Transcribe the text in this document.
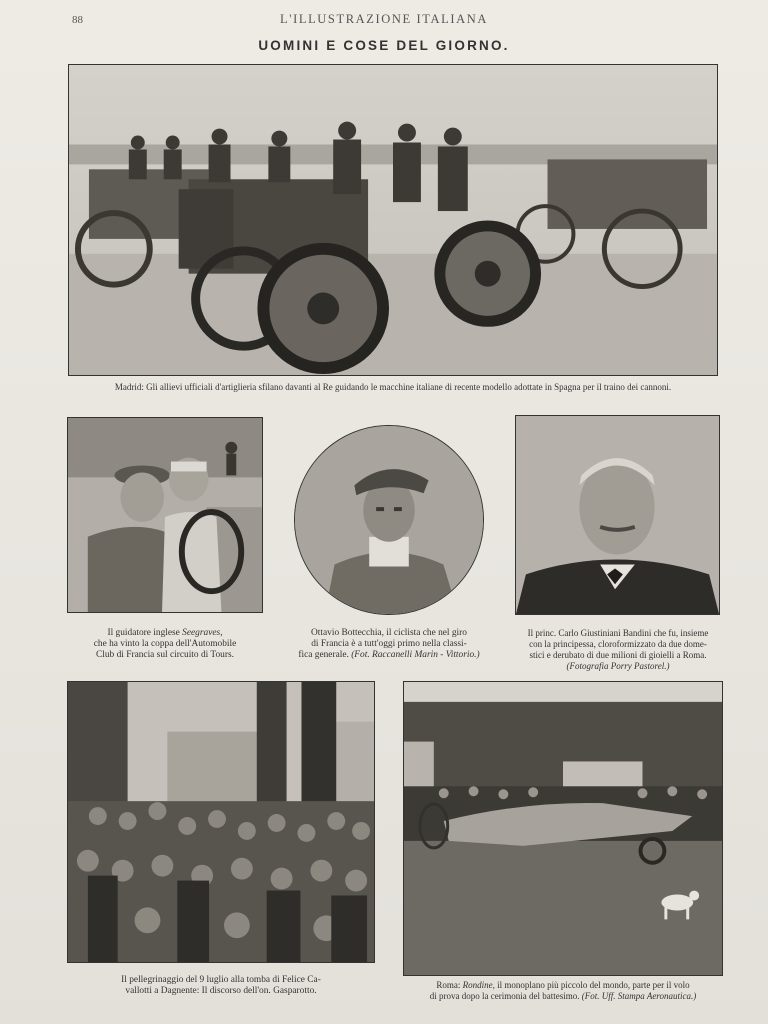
88	L'ILLUSTRAZIONE ITALIANA
UOMINI E COSE DEL GIORNO.
Madrid: Gli allievi ufficiali d'artiglieria sfilano davanti al Re guidando le macchine italiane di recente modello adottate in Spagna per il traino dei cannoni.
Il guidatore inglese Seegraves,
che ha vinto la coppa dell'Automobile
Club di Francia sul circuito di Tours.
Ottavio Bottecchia, il ciclista che nel giro
di Francia è a tutt'oggi primo nella classi-
fica generale. (Fot. Raccanelli Marin - Vittorio.)
Il princ. Carlo Giustiniani Bandini che fu, insieme
con la principessa, cloroformizzato da due dome-
stici e derubato di due milioni di gioielli a Roma.
(Fotografia Porry Pastorel.)
Il pellegrinaggio del 9 luglio alla tomba di Felice Ca-
vallotti a Dagnente: Il discorso dell'on. Gasparotto.
Roma: Rondine, il monoplano più piccolo del mondo, parte per il volo
di prova dopo la cerimonia del battesimo. (Fot. Uff. Stampa Aeronautica.)
